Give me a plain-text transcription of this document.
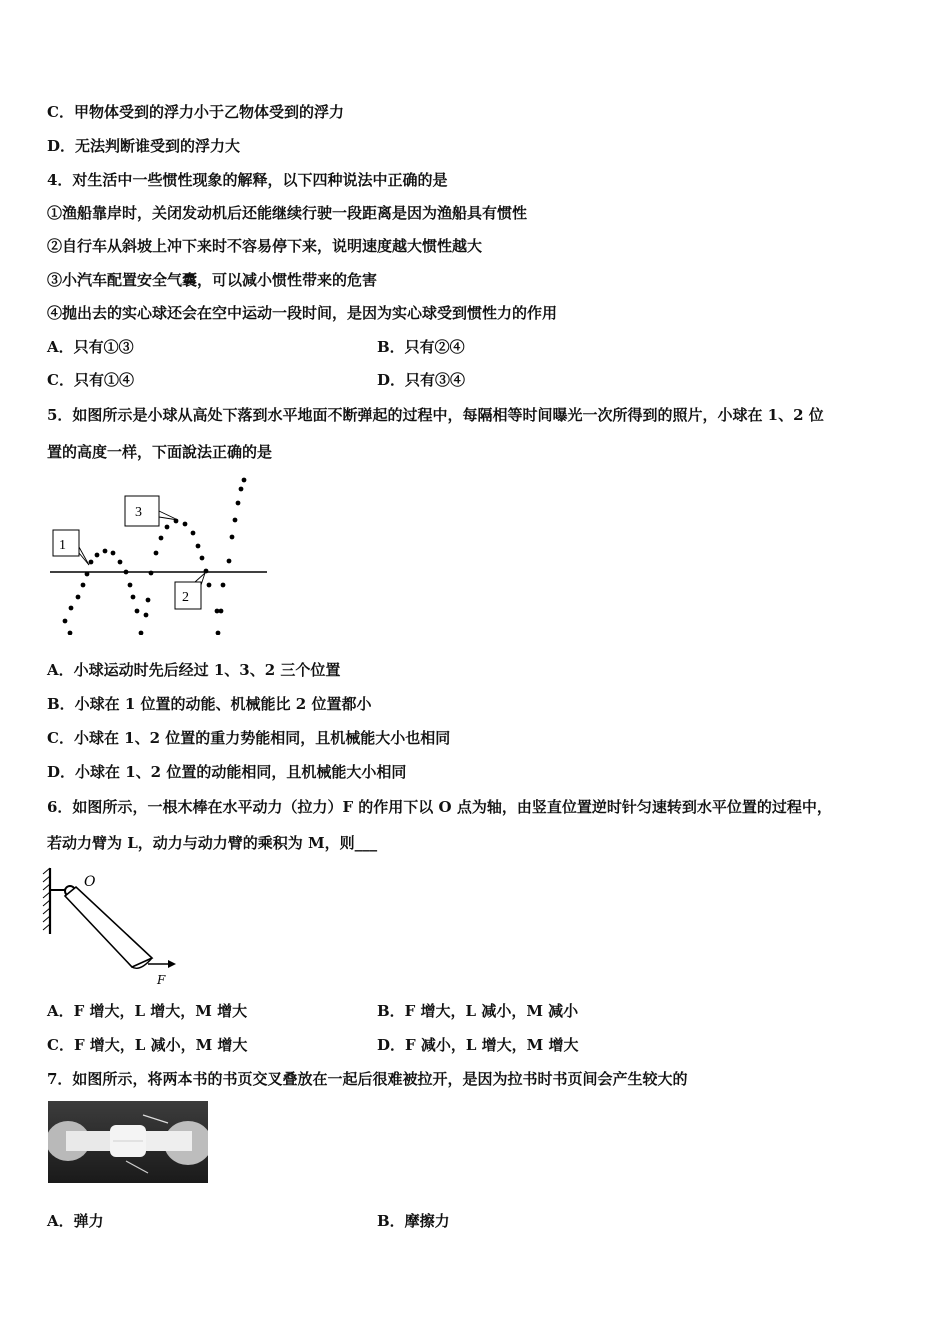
C．甲物体受到的浮力小于乙物体受到的浮力
D．无法判断谁受到的浮力大
4．对生活中一些惯性现象的解释，以下四种说法中正确的是
①渔船靠岸时，关闭发动机后还能继续行驶一段距离是因为渔船具有惯性
②自行车从斜坡上冲下来时不容易停下来，说明速度越大惯性越大
③小汽车配置安全气囊，可以减小惯性带来的危害
④抛出去的实心球还会在空中运动一段时间，是因为实心球受到惯性力的作用
A．只有①③	B．只有②④
C．只有①④	D．只有③④
5．如图所示是小球从高处下落到水平地面不断弹起的过程中，每隔相等时间曝光一次所得到的照片，小球在 1、2 位
置的高度一样，下面說法正确的是
1
3
2
A．小球运动时先后经过 1、3、2 三个位置
B．小球在 1 位置的动能、机械能比 2 位置都小
C．小球在 1、2 位置的重力势能相同，且机械能大小也相同
D．小球在 1、2 位置的动能相同，且机械能大小相同
6．如图所示，一根木棒在水平动力（拉力）F 的作用下以 O 点为轴，由竖直位置逆时针匀速转到水平位置的过程中，
若动力臂为 L，动力与动力臂的乘积为 M，则___
O
F
A．F 增大，L 增大，M 增大	B．F 增大，L 减小，M 减小
C．F 增大，L 减小，M 增大	D．F 减小，L 增大，M 增大
7．如图所示，将两本书的书页交叉叠放在一起后很难被拉开，是因为拉书时书页间会产生较大的
A．弹力	B．摩擦力
